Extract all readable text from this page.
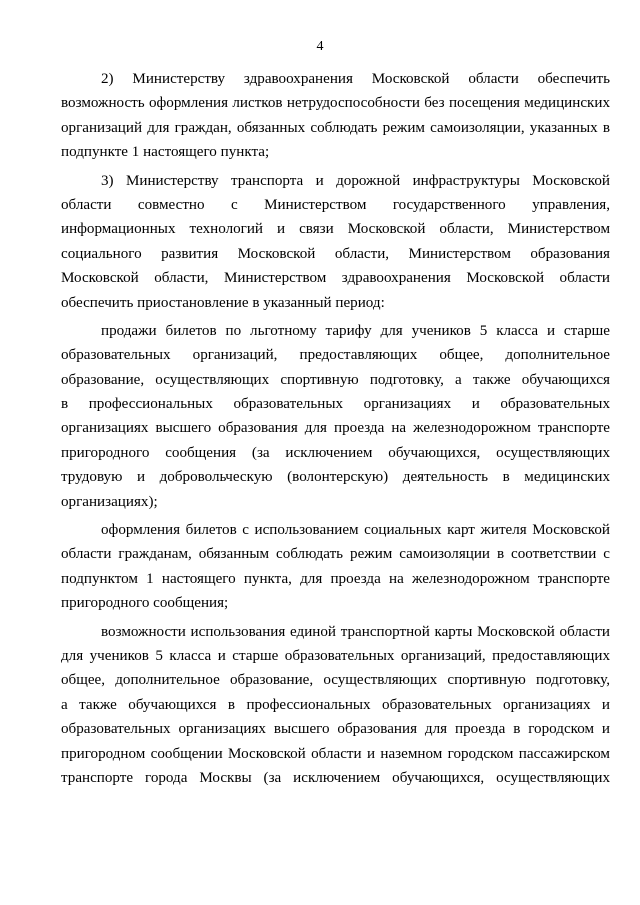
4

2) Министерству здравоохранения Московской области обеспечить
возможность оформления листков нетрудоспособности без посещения медицинских
организаций для граждан, обязанных соблюдать режим самоизоляции, указанных в
подпункте 1 настоящего пункта;

3) Министерству транспорта и дорожной инфраструктуры Московской
области совместно с Министерством государственного управления,
информационных технологий и связи Московской области, Министерством
социального развития Московской области, Министерством образования
Московской области, Министерством здравоохранения Московской области
обеспечить приостановление в указанный период:

продажи билетов по льготному тарифу для учеников 5 класса и старше
образовательных организаций, предоставляющих общее, дополнительное
образование, осуществляющих спортивную подготовку, а также обучающихся
в профессиональных образовательных организациях и образовательных
организациях высшего образования для проезда на железнодорожном транспорте
пригородного сообщения (за исключением обучающихся, осуществляющих
трудовую и добровольческую (волонтерскую) деятельность в медицинских
организациях);

оформления билетов с использованием социальных карт жителя Московской
области гражданам, обязанным соблюдать режим самоизоляции в соответствии с
подпунктом 1 настоящего пункта, для проезда на железнодорожном транспорте
пригородного сообщения;

возможности использования единой транспортной карты Московской области
для учеников 5 класса и старше образовательных организаций, предоставляющих
общее, дополнительное образование, осуществляющих спортивную подготовку,
а также обучающихся в профессиональных образовательных организациях и
образовательных организациях высшего образования для проезда в городском и
пригородном сообщении Московской области и наземном городском пассажирском
транспорте города Москвы (за исключением обучающихся, осуществляющих
